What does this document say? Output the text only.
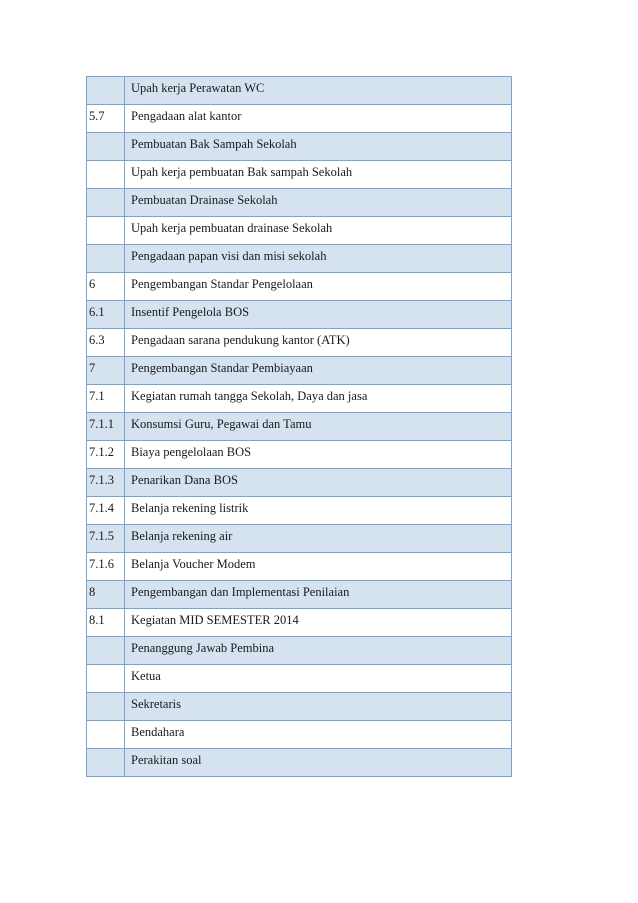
	Upah kerja Perawatan WC
5.7	Pengadaan alat kantor
	Pembuatan Bak Sampah Sekolah
	Upah kerja pembuatan Bak sampah Sekolah
	Pembuatan Drainase Sekolah
	Upah kerja pembuatan drainase Sekolah
	Pengadaan papan visi dan misi sekolah
6	Pengembangan Standar Pengelolaan
6.1	Insentif Pengelola BOS
6.3	Pengadaan sarana pendukung kantor (ATK)
7	Pengembangan Standar Pembiayaan
7.1	Kegiatan rumah tangga Sekolah, Daya dan jasa
7.1.1	Konsumsi Guru, Pegawai dan Tamu
7.1.2	Biaya pengelolaan BOS
7.1.3	Penarikan Dana BOS
7.1.4	Belanja rekening listrik
7.1.5	Belanja rekening air
7.1.6	Belanja Voucher Modem
8	Pengembangan dan Implementasi Penilaian
8.1	Kegiatan MID SEMESTER 2014
	Penanggung Jawab Pembina
	Ketua
	Sekretaris
	Bendahara
	Perakitan soal
